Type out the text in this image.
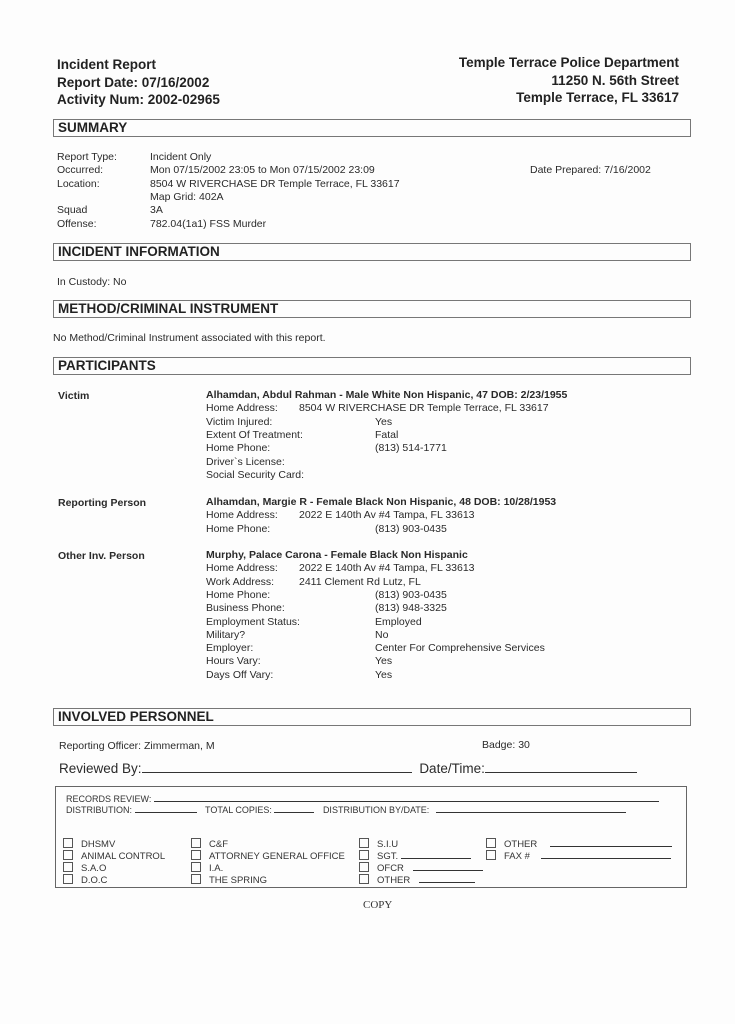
Incident Report
Report Date: 07/16/2002
Activity Num: 2002-02965
Temple Terrace Police Department
11250 N. 56th Street
Temple Terrace, FL 33617
SUMMARY
Report Type:	Incident Only
Occurred:	Mon 07/15/2002 23:05 to Mon 07/15/2002 23:09
Location:	8504 W RIVERCHASE DR Temple Terrace, FL 33617
Map Grid: 402A
Squad	3A
Offense:	782.04(1a1) FSS Murder
Date Prepared: 7/16/2002
INCIDENT INFORMATION
In Custody: No
METHOD/CRIMINAL INSTRUMENT
No Method/Criminal Instrument associated with this report.
PARTICIPANTS
Victim	Alhamdan, Abdul Rahman - Male White Non Hispanic, 47 DOB: 2/23/1955
Home Address: 8504 W RIVERCHASE DR Temple Terrace, FL 33617
Victim Injured:	Yes
Extent Of Treatment:	Fatal
Home Phone:	(813) 514-1771
Driver`s License:
Social Security Card:
Reporting Person	Alhamdan, Margie R - Female Black Non Hispanic, 48 DOB: 10/28/1953
Home Address: 2022 E 140th Av #4 Tampa, FL 33613
Home Phone:	(813) 903-0435
Other Inv. Person	Murphy, Palace Carona - Female Black Non Hispanic
Home Address: 2022 E 140th Av #4 Tampa, FL 33613
Work Address: 2411 Clement Rd Lutz, FL
Home Phone:	(813) 903-0435
Business Phone:	(813) 948-3325
Employment Status:	Employed
Military?	No
Employer:	Center For Comprehensive Services
Hours Vary:	Yes
Days Off Vary:	Yes
INVOLVED PERSONNEL
Reporting Officer: Zimmerman, M	Badge: 30
Reviewed By:	Date/Time:
RECORDS REVIEW:
DISTRIBUTION:	TOTAL COPIES:	DISTRIBUTION BY/DATE:
DHSMV
ANIMAL CONTROL
S.A.O
D.O.C
C&F
ATTORNEY GENERAL OFFICE
I.A.
THE SPRING
S.I.U
SGT.
OFCR
OTHER
OTHER
FAX #
COPY
